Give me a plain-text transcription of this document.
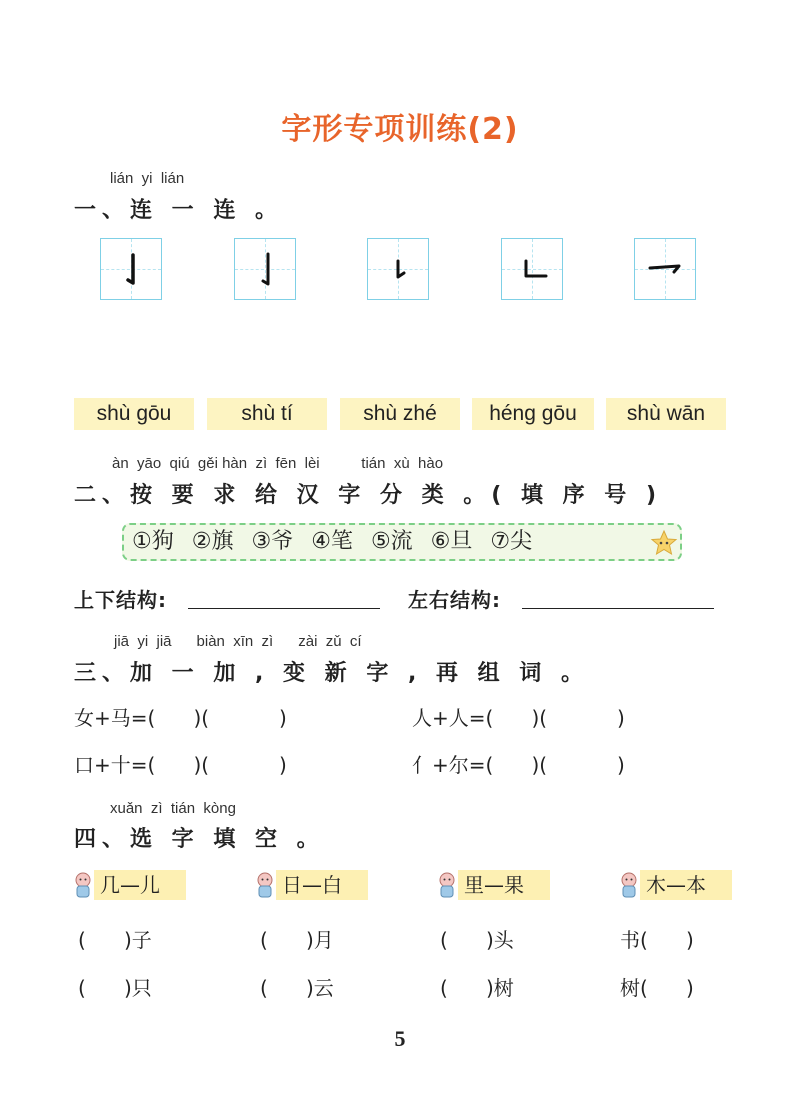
字形专项训练(2)
lián  yi  lián
一、连 一 连 。
shù gōu	shù tí	shù zhé	héng gōu	shù wān
àn  yāo  qiú  gěi hàn  zì  fēn  lèi          tián  xù  hào
二、按 要 求 给 汉 字 分 类 。( 填 序 号 )
①狗 ②旗 ③爷 ④笔 ⑤流 ⑥旦 ⑦尖
上下结构:	左右结构:
jiā  yi  jiā      biàn  xīn  zì      zài  zǔ  cí
三、加 一 加 , 变 新 字 , 再 组 词 。
女+马=(      )(           )	人+人=(      )(           )
口+十=(      )(           )	亻+尔=(      )(           )
xuǎn  zì  tián  kòng
四、选 字 填 空 。
几—儿	日—白	里—果	木—本
(      )子	(      )月	(      )头	书(      )
(      )只	(      )云	(      )树	树(      )
5
